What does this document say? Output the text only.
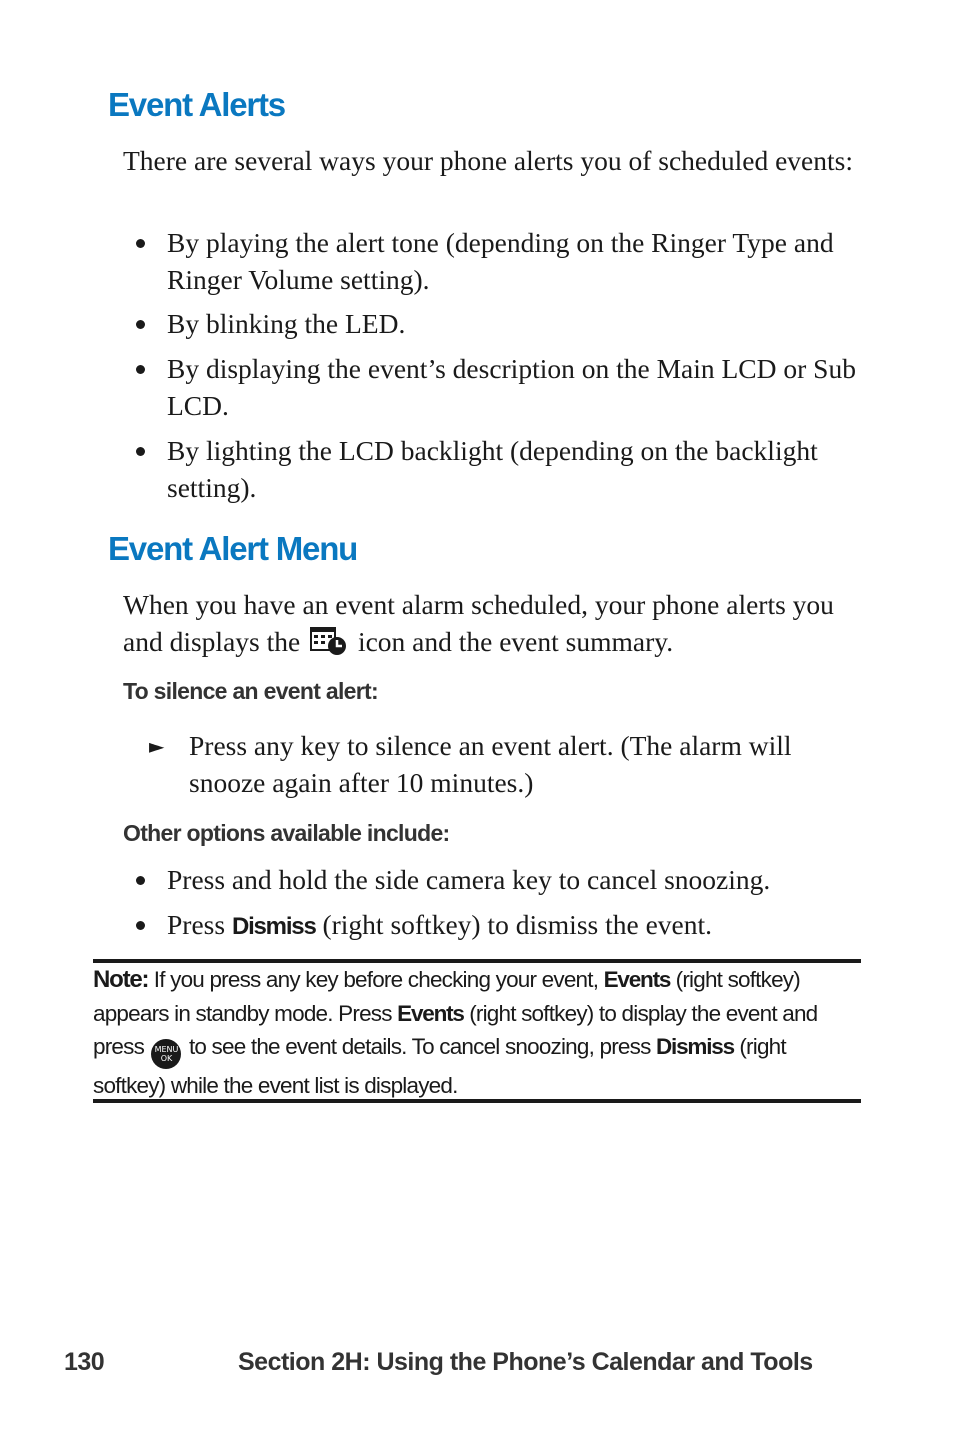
Event Alerts

There are several ways your phone alerts you of scheduled events:

By playing the alert tone (depending on the Ringer Type and Ringer Volume setting).
By blinking the LED.
By displaying the event’s description on the Main LCD or Sub LCD.
By lighting the LCD backlight (depending on the backlight setting).
Event Alert Menu

When you have an event alarm scheduled, your phone alerts you and displays the icon and the event summary.

To silence an event alert:
► Press any key to silence an event alert. (The alarm will snooze again after 10 minutes.)
Other options available include:
Press and hold the side camera key to cancel snoozing.
Press Dismiss (right softkey) to dismiss the event.
Note: If you press any key before checking your event, Events (right softkey) appears in standby mode. Press Events (right softkey) to display the event and press MENU
OK to see the event details. To cancel snoozing, press Dismiss (right softkey) while the event list is displayed.
130	Section 2H: Using the Phone’s Calendar and Tools
